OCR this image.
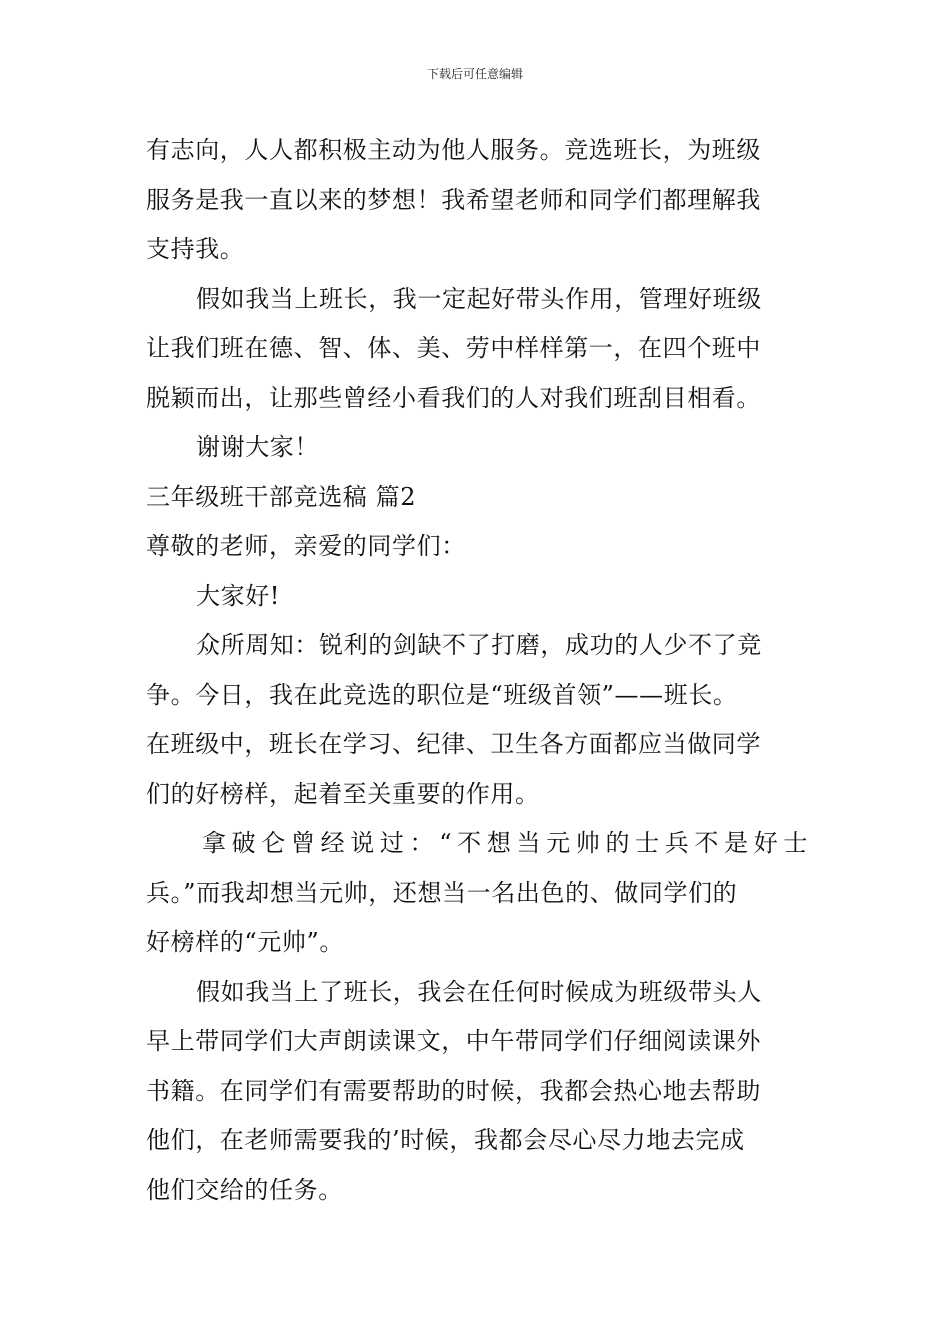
下载后可任意编辑
有志向，人人都积极主动为他人服务。竞选班长，为班级
服务是我一直以来的梦想！我希望老师和同学们都理解我
支持我。
假如我当上班长，我一定起好带头作用，管理好班级
让我们班在德、智、体、美、劳中样样第一，在四个班中
脱颖而出，让那些曾经小看我们的人对我们班刮目相看。
谢谢大家！
三年级班干部竞选稿 篇2
尊敬的老师，亲爱的同学们：
大家好!
众所周知：锐利的剑缺不了打磨，成功的人少不了竞
争。今日，我在此竞选的职位是“班级首领”——班长。
在班级中，班长在学习、纪律、卫生各方面都应当做同学
们的好榜样，起着至关重要的作用。
拿破仑曾经说过：“不想当元帅的士兵不是好士
兵。”而我却想当元帅，还想当一名出色的、做同学们的
好榜样的“元帅”。
假如我当上了班长，我会在任何时候成为班级带头人
早上带同学们大声朗读课文，中午带同学们仔细阅读课外
书籍。在同学们有需要帮助的时候，我都会热心地去帮助
他们，在老师需要我的’时候，我都会尽心尽力地去完成
他们交给的任务。
